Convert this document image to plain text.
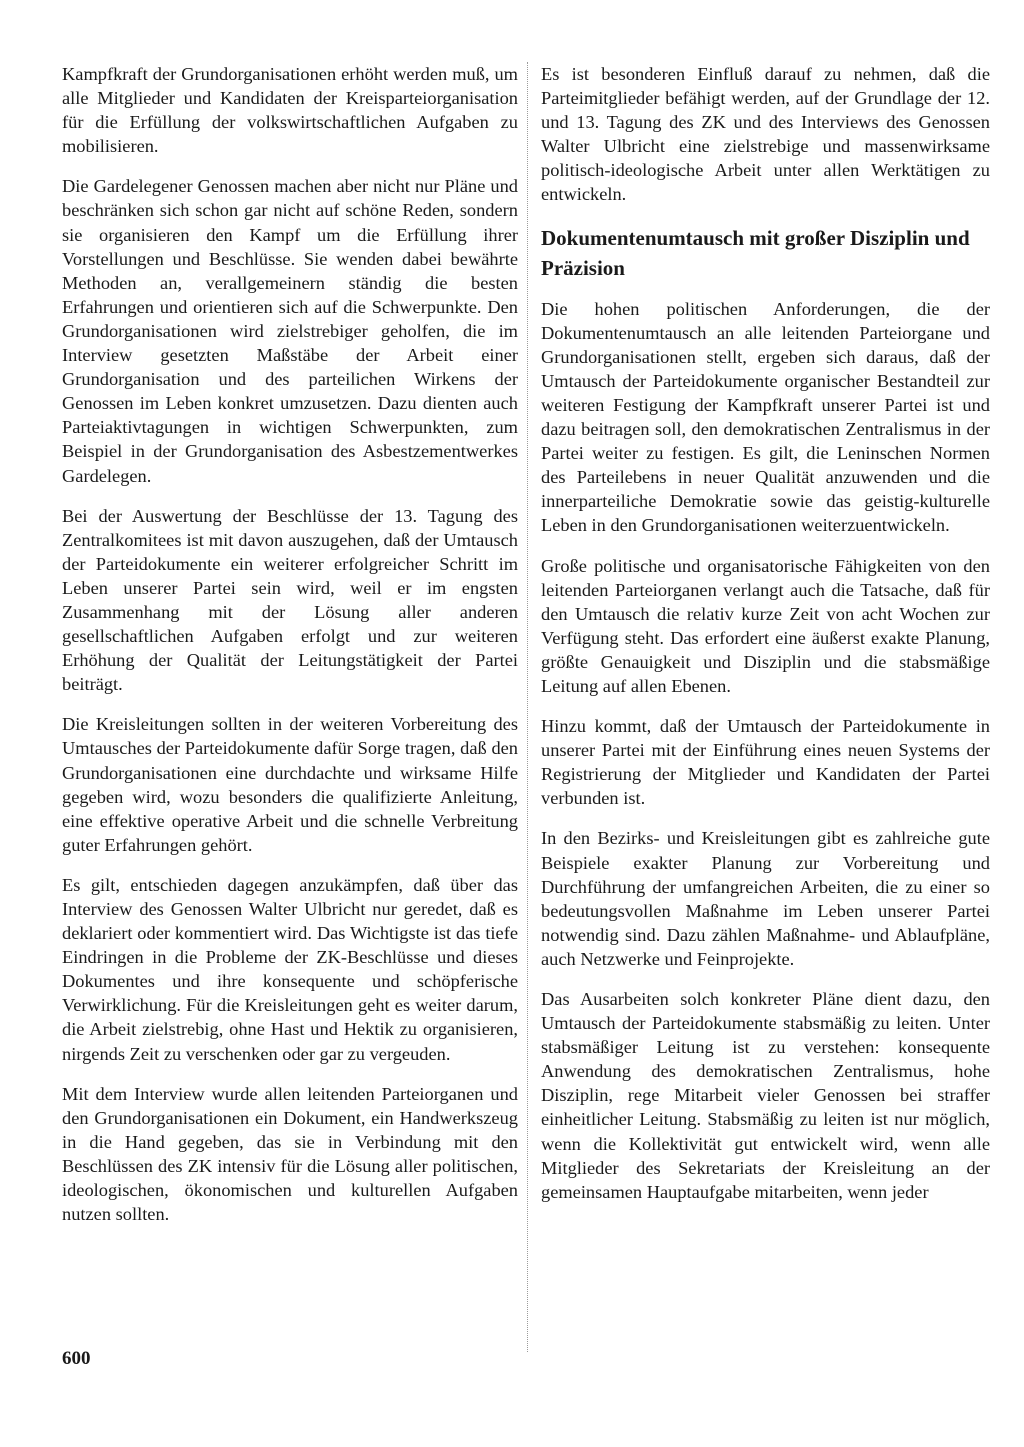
Kampfkraft der Grundorganisationen erhöht werden muß, um alle Mitglieder und Kandidaten der Kreisparteiorganisation für die Erfüllung der volkswirtschaftlichen Aufgaben zu mobilisieren.

Die Gardelegener Genossen machen aber nicht nur Pläne und beschränken sich schon gar nicht auf schöne Reden, sondern sie organisieren den Kampf um die Erfüllung ihrer Vorstellungen und Beschlüsse. Sie wenden dabei bewährte Methoden an, verallgemeinern ständig die besten Erfahrungen und orientieren sich auf die Schwerpunkte. Den Grundorganisationen wird zielstrebiger geholfen, die im Interview gesetzten Maßstäbe der Arbeit einer Grundorganisation und des parteilichen Wirkens der Genossen im Leben konkret umzusetzen. Dazu dienten auch Parteiaktivtagungen in wichtigen Schwerpunkten, zum Beispiel in der Grundorganisation des Asbestzementwerkes Gardelegen.

Bei der Auswertung der Beschlüsse der 13. Tagung des Zentralkomitees ist mit davon auszugehen, daß der Umtausch der Parteidokumente ein weiterer erfolgreicher Schritt im Leben unserer Partei sein wird, weil er im engsten Zusammenhang mit der Lösung aller anderen gesellschaftlichen Aufgaben erfolgt und zur weiteren Erhöhung der Qualität der Leitungstätigkeit der Partei beiträgt.

Die Kreisleitungen sollten in der weiteren Vorbereitung des Umtausches der Parteidokumente dafür Sorge tragen, daß den Grundorganisationen eine durchdachte und wirksame Hilfe gegeben wird, wozu besonders die qualifizierte Anleitung, eine effektive operative Arbeit und die schnelle Verbreitung guter Erfahrungen gehört.

Es gilt, entschieden dagegen anzukämpfen, daß über das Interview des Genossen Walter Ulbricht nur geredet, daß es deklariert oder kommentiert wird. Das Wichtigste ist das tiefe Eindringen in die Probleme der ZK-Beschlüsse und dieses Dokumentes und ihre konsequente und schöpferische Verwirklichung. Für die Kreisleitungen geht es weiter darum, die Arbeit zielstrebig, ohne Hast und Hektik zu organisieren, nirgends Zeit zu verschenken oder gar zu vergeuden.

Mit dem Interview wurde allen leitenden Parteiorganen und den Grundorganisationen ein Dokument, ein Handwerkszeug in die Hand gegeben, das sie in Verbindung mit den Beschlüssen des ZK intensiv für die Lösung aller politischen, ideologischen, ökonomischen und kulturellen Aufgaben nutzen sollten.

Es ist besonderen Einfluß darauf zu nehmen, daß die Parteimitglieder befähigt werden, auf der Grundlage der 12. und 13. Tagung des ZK und des Interviews des Genossen Walter Ulbricht eine zielstrebige und massenwirksame politisch-ideologische Arbeit unter allen Werktätigen zu entwickeln.

Dokumentenumtausch mit großer Disziplin und Präzision

Die hohen politischen Anforderungen, die der Dokumentenumtausch an alle leitenden Parteiorgane und Grundorganisationen stellt, ergeben sich daraus, daß der Umtausch der Parteidokumente organischer Bestandteil zur weiteren Festigung der Kampfkraft unserer Partei ist und dazu beitragen soll, den demokratischen Zentralismus in der Partei weiter zu festigen. Es gilt, die Leninschen Normen des Parteilebens in neuer Qualität anzuwenden und die innerparteiliche Demokratie sowie das geistig-kulturelle Leben in den Grundorganisationen weiterzuentwickeln.

Große politische und organisatorische Fähigkeiten von den leitenden Parteiorganen verlangt auch die Tatsache, daß für den Umtausch die relativ kurze Zeit von acht Wochen zur Verfügung steht. Das erfordert eine äußerst exakte Planung, größte Genauigkeit und Disziplin und die stabsmäßige Leitung auf allen Ebenen.

Hinzu kommt, daß der Umtausch der Parteidokumente in unserer Partei mit der Einführung eines neuen Systems der Registrierung der Mitglieder und Kandidaten der Partei verbunden ist.

In den Bezirks- und Kreisleitungen gibt es zahlreiche gute Beispiele exakter Planung zur Vorbereitung und Durchführung der umfangreichen Arbeiten, die zu einer so bedeutungsvollen Maßnahme im Leben unserer Partei notwendig sind. Dazu zählen Maßnahme- und Ablaufpläne, auch Netzwerke und Feinprojekte.

Das Ausarbeiten solch konkreter Pläne dient dazu, den Umtausch der Parteidokumente stabsmäßig zu leiten. Unter stabsmäßiger Leitung ist zu verstehen: konsequente Anwendung des demokratischen Zentralismus, hohe Disziplin, rege Mitarbeit vieler Genossen bei straffer einheitlicher Leitung. Stabsmäßig zu leiten ist nur möglich, wenn die Kollektivität gut entwickelt wird, wenn alle Mitglieder des Sekretariats der Kreisleitung an der gemeinsamen Hauptaufgabe mitarbeiten, wenn jeder

600
